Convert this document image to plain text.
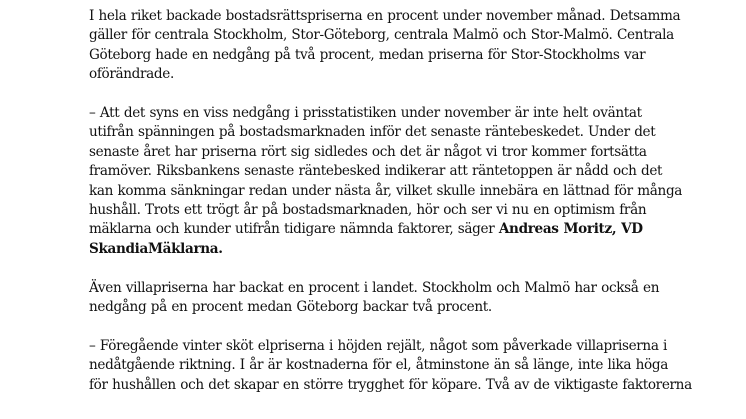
I hela riket backade bostadsrättspriserna en procent under november månad. Detsamma
gäller för centrala Stockholm, Stor-Göteborg, centrala Malmö och Stor-Malmö. Centrala
Göteborg hade en nedgång på två procent, medan priserna för Stor-Stockholms var
oförändrade.
– Att det syns en viss nedgång i prisstatistiken under november är inte helt oväntat
utifrån spänningen på bostadsmarknaden inför det senaste räntebeskedet. Under det
senaste året har priserna rört sig sidledes och det är något vi tror kommer fortsätta
framöver. Riksbankens senaste räntebesked indikerar att räntetoppen är nådd och det
kan komma sänkningar redan under nästa år, vilket skulle innebära en lättnad för många
hushåll. Trots ett trögt år på bostadsmarknaden, hör och ser vi nu en optimism från
mäklarna och kunder utifrån tidigare nämnda faktorer, säger Andreas Moritz, VD
SkandiaMäklarna.
Även villapriserna har backat en procent i landet. Stockholm och Malmö har också en
nedgång på en procent medan Göteborg backar två procent.
– Föregående vinter sköt elpriserna i höjden rejält, något som påverkade villapriserna i
nedåtgående riktning. I år är kostnaderna för el, åtminstone än så länge, inte lika höga
för hushållen och det skapar en större trygghet för köpare. Två av de viktigaste faktorerna
